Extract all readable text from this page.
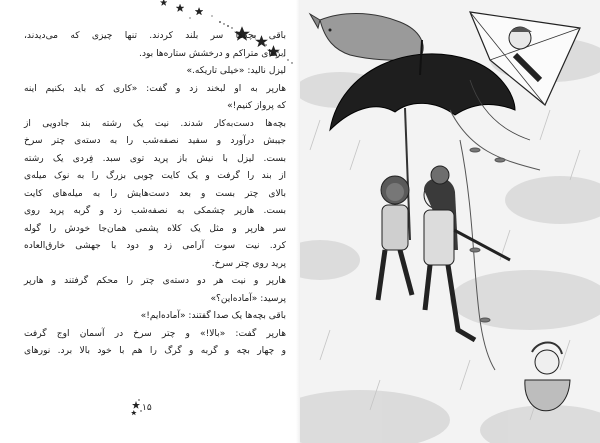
باقی بچه‌ها سر بلند کردند. تنها چیزی که می‌دیدند،
ابرهای متراکم و درخشش ستاره‌ها بود.
لیزل نالید: «خیلی تاریکه.»
هارپر به او لبخند زد و گفت: «کاری که باید بکنیم اینه
که پرواز کنیم!»
بچه‌ها دست‌به‌کار شدند. نیت یک رشته بند جادویی از
جیبش درآورد و سفید نصفه‌شب را به دسته‌ی چتر سرخ
بست. لیزل با نیش باز پرید توی سبد. فِردی یک رشته
از بند را گرفت و یک کایت چوبی بزرگ را به نوک میله‌ی
بالای چتر بست و بعد دست‌هایش را به میله‌های کایت
بست. هارپر چشمکی به نصفه‌شب زد و گربه پرید روی
سر هارپر و مثل یک کلاه پشمی همان‌جا خودش را گوله
کرد. نیت سوت آرامی زد و دود با جهشی خارق‌العاده
پرید روی چتر سرخ.
هارپر و نیت هر دو دسته‌ی چتر را محکم گرفتند و هارپر
پرسید: «آماده‌این؟»
باقی بچه‌ها یک صدا گفتند: «آماده‌ایم!»
هارپر گفت: «بالا!» و چتر سرخ در آسمان اوج گرفت
و چهار بچه و گربه و گرگ را هم با خود بالا برد. نورهای
۱۵
